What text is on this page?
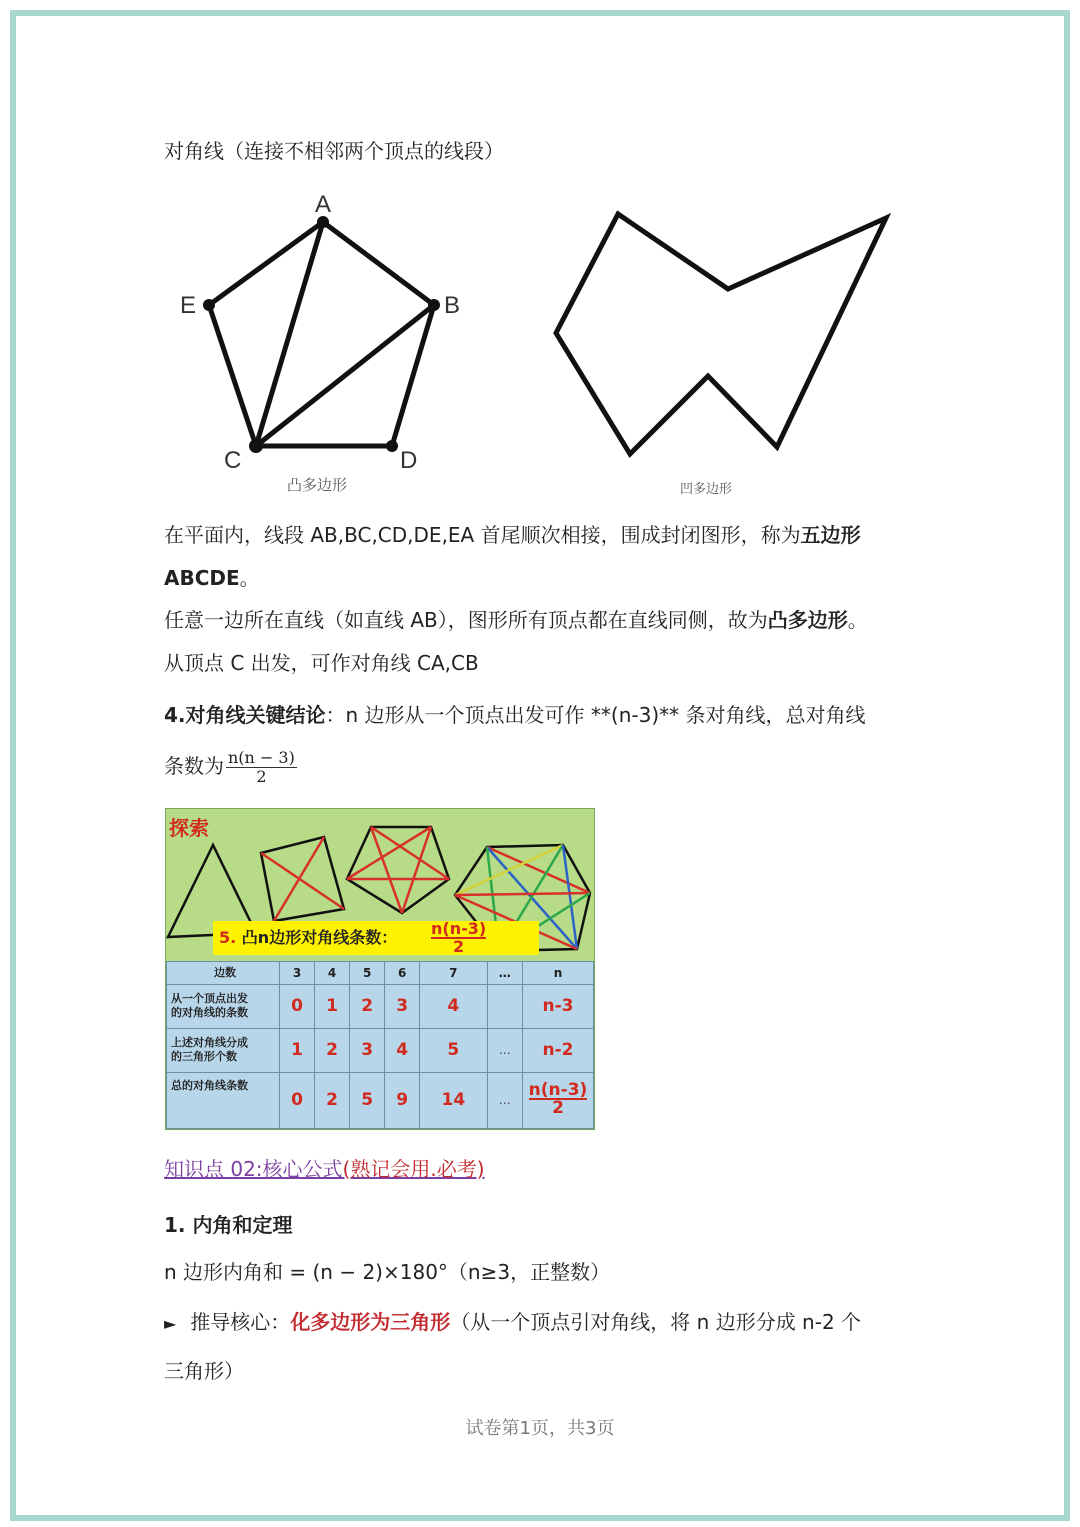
对角线（连接不相邻两个顶点的线段）
A
B
C	D
E
凸多边形	凹多边形
在平面内，线段 AB,BC,CD,DE,EA 首尾顺次相接，围成封闭图形，称为五边形
ABCDE。
任意一边所在直线（如直线 AB），图形所有顶点都在直线同侧，故为凸多边形。
从顶点 C 出发，可作对角线 CA,CB
4.对角线关键结论：n 边形从一个顶点出发可作 **(n-3)** 条对角线，总对角线
条数为 $\frac{n(n - 3)}{2}$
探索
5. 凸n边形对角线条数： $\frac{n(n-3)}{2}$
边数	3	4	5	6	7	…	n
从一个顶点出发
的对角线的条数	0	1	2	3	4		n-3
上述对角线分成
的三角形个数	1	2	3	4	5	…	n-2
总的对角线条数	0	2	5	9	14	…	$\frac{n(n-3)}{2}$
知识点 02:核心公式(熟记会用.必考)
1. 内角和定理
n 边形内角和 = (n − 2)×180°（n≥3，正整数）
► 推导核心：化多边形为三角形（从一个顶点引对角线，将 n 边形分成 n-2 个
三角形）
试卷第1页，共3页
